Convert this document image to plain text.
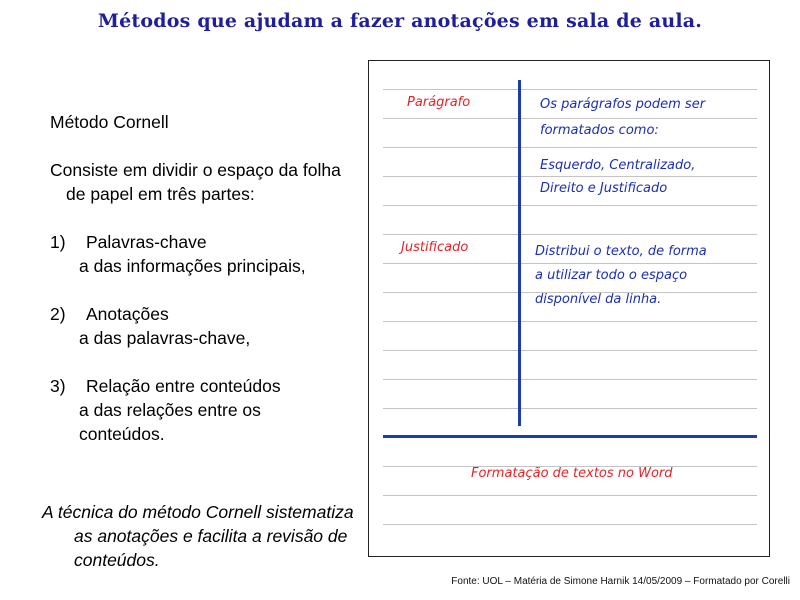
Métodos que ajudam a fazer anotações em sala de aula.

Método Cornell

Consiste em dividir o espaço da folha de papel em três partes:

1) Palavras-chave
a das informações principais,

2) Anotações
a das palavras-chave,

3) Relação entre conteúdos
a das relações entre os conteúdos.

A técnica do método Cornell sistematiza as anotações e facilita a revisão de conteúdos.

Parágrafo	Os parágrafos podem ser
formatados como:
Esquerdo, Centralizado,
Direito e Justificado
Justificado	Distribui o texto, de forma
a utilizar todo o espaço
disponível da linha.
Formatação de textos no Word
Fonte: UOL – Matéria de Simone Harnik 14/05/2009 – Formatado por Corelli
